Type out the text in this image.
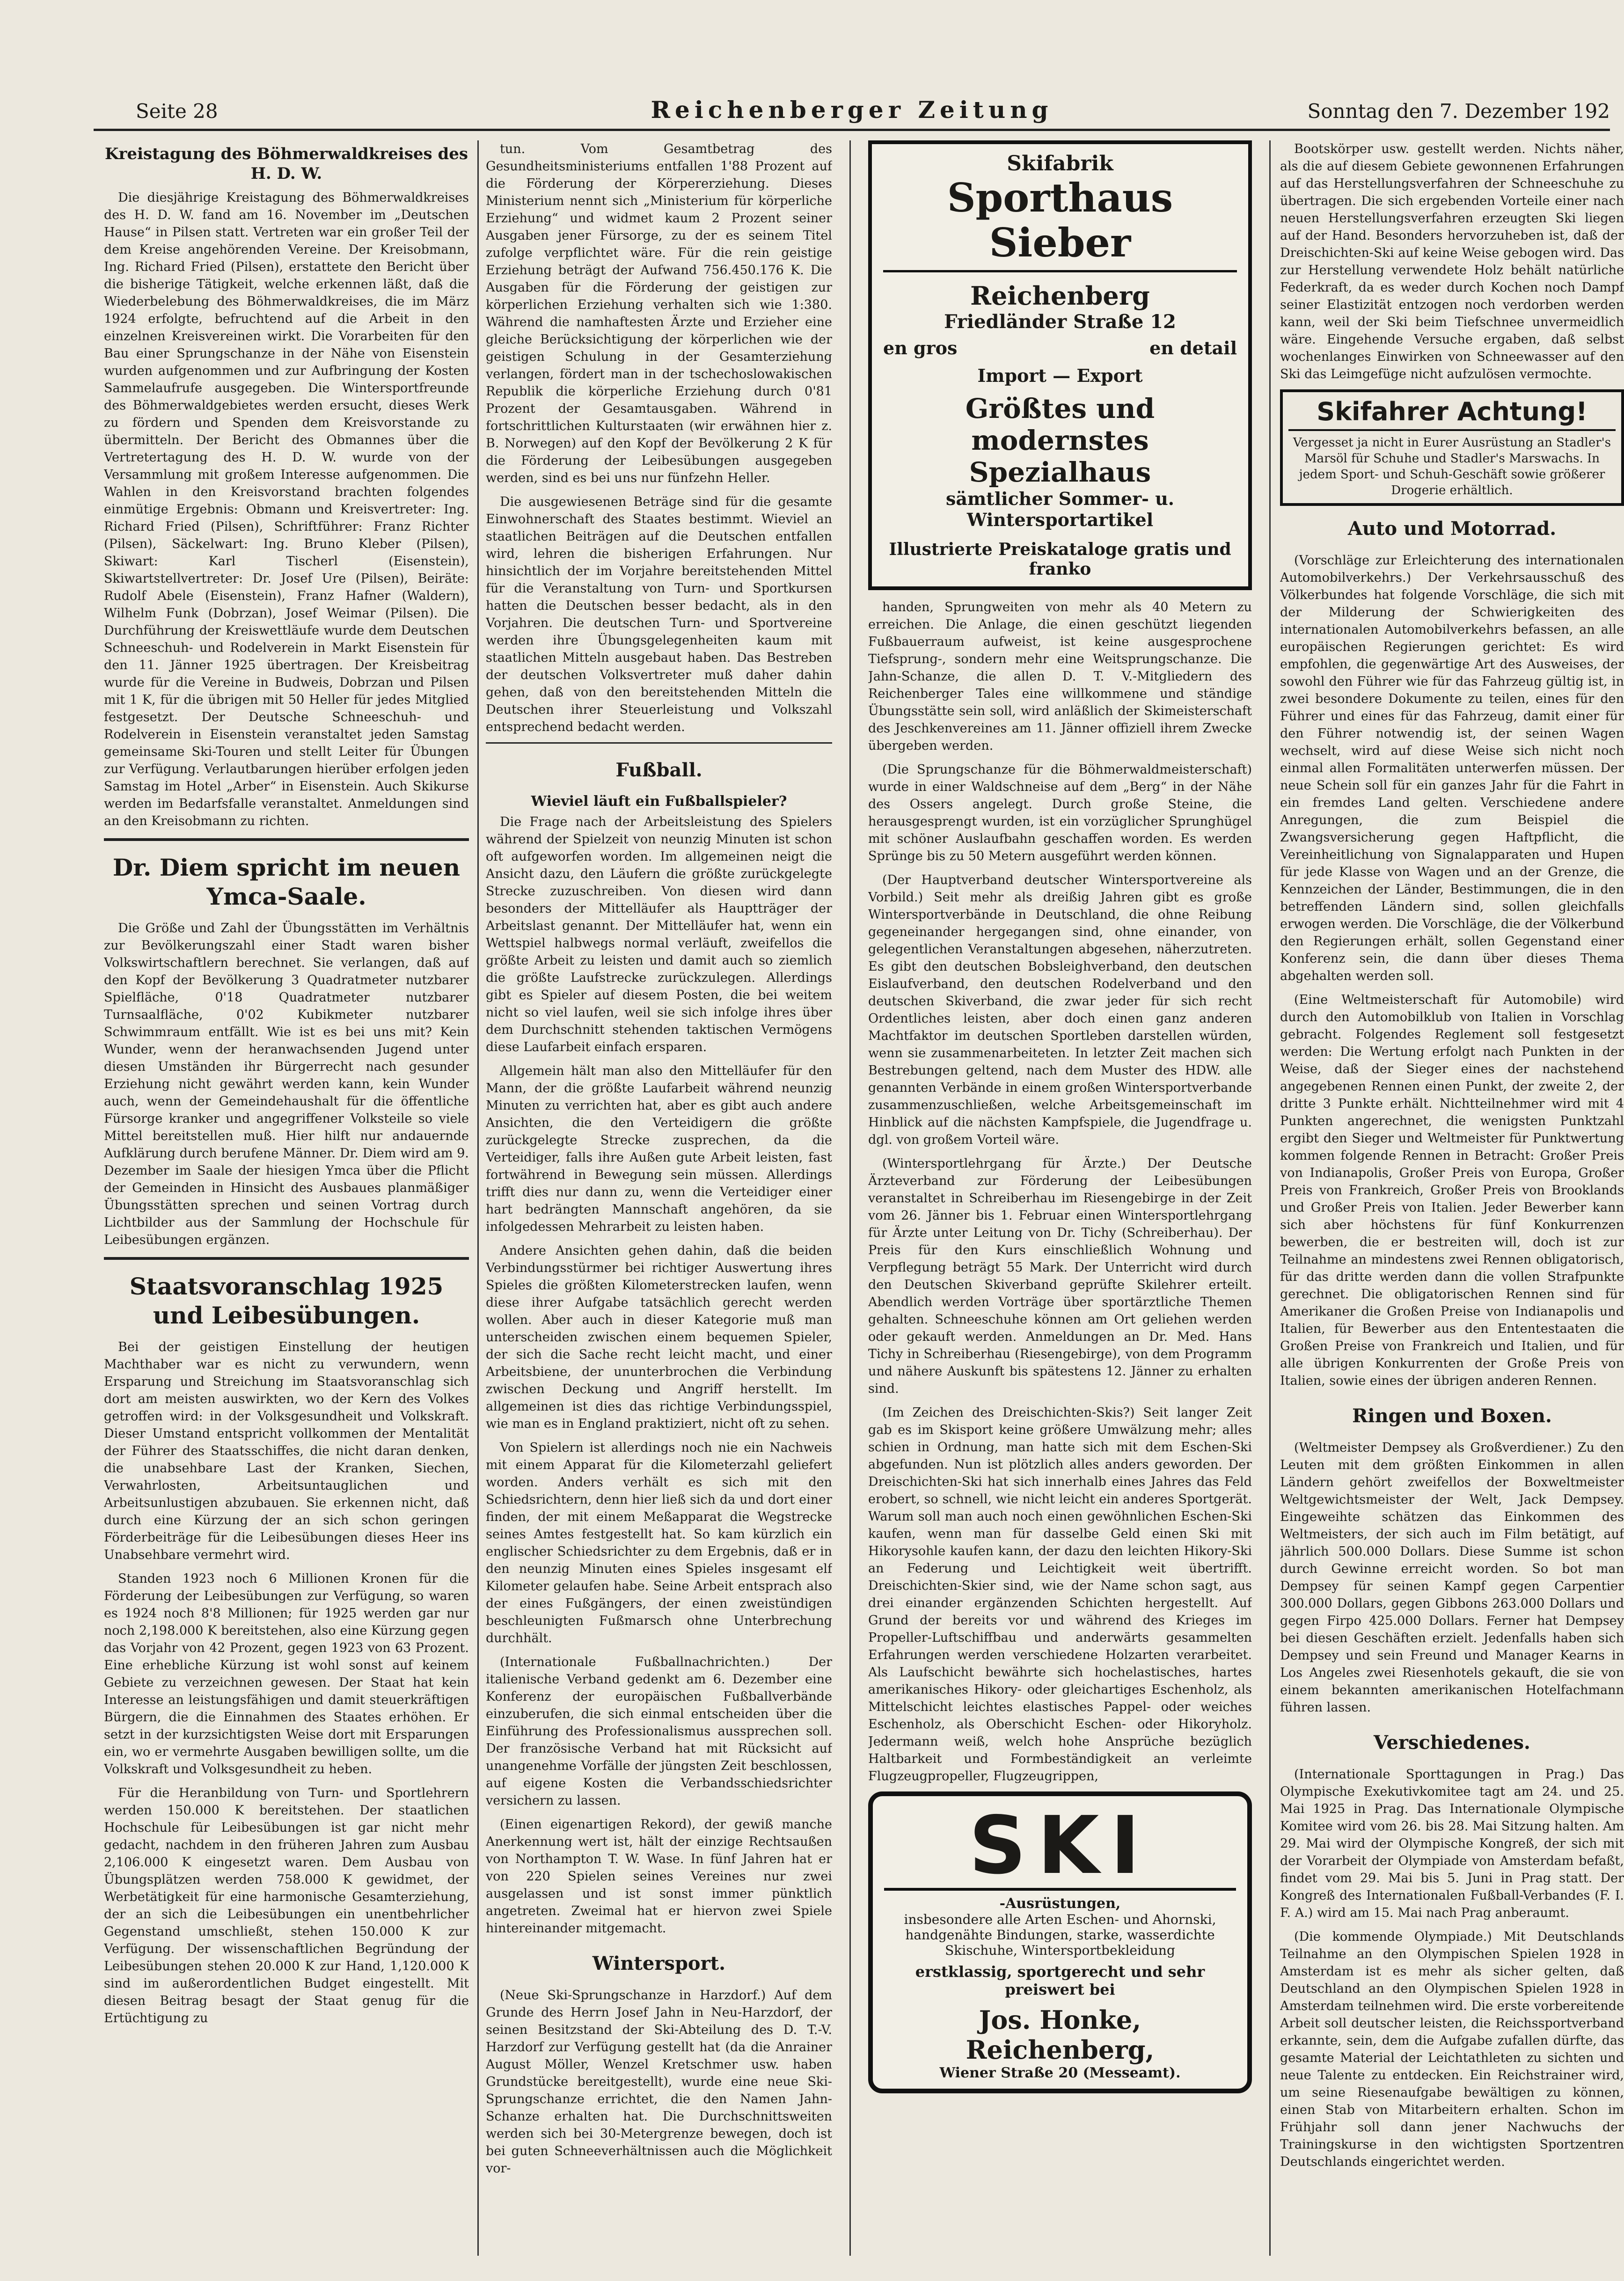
Seite 28	Reichenberger Zeitung	Sonntag den 7. Dezember 192
Kreistagung des Böhmerwaldkreises des H. D. W.

Die diesjährige Kreistagung des Böhmerwaldkreises des H. D. W. fand am 16. November im „Deutschen Hause“ in Pilsen statt. Vertreten war ein großer Teil der dem Kreise angehörenden Vereine. Der Kreisobmann, Ing. Richard Fried (Pilsen), erstattete den Bericht über die bisherige Tätigkeit, welche erkennen läßt, daß die Wiederbelebung des Böhmerwaldkreises, die im März 1924 erfolgte, befruchtend auf die Arbeit in den einzelnen Kreisvereinen wirkt. Die Vorarbeiten für den Bau einer Sprungschanze in der Nähe von Eisenstein wurden aufgenommen und zur Aufbringung der Kosten Sammelaufrufe ausgegeben. Die Wintersportfreunde des Böhmerwaldgebietes werden ersucht, dieses Werk zu fördern und Spenden dem Kreisvorstande zu übermitteln. Der Bericht des Obmannes über die Vertretertagung des H. D. W. wurde von der Versammlung mit großem Interesse aufgenommen. Die Wahlen in den Kreisvorstand brachten folgendes einmütige Ergebnis: Obmann und Kreisvertreter: Ing. Richard Fried (Pilsen), Schriftführer: Franz Richter (Pilsen), Säckelwart: Ing. Bruno Kleber (Pilsen), Skiwart: Karl Tischerl (Eisenstein), Skiwartstellvertreter: Dr. Josef Ure (Pilsen), Beiräte: Rudolf Abele (Eisenstein), Franz Hafner (Waldern), Wilhelm Funk (Dobrzan), Josef Weimar (Pilsen). Die Durchführung der Kreiswettläufe wurde dem Deutschen Schneeschuh- und Rodelverein in Markt Eisenstein für den 11. Jänner 1925 übertragen. Der Kreisbeitrag wurde für die Vereine in Budweis, Dobrzan und Pilsen mit 1 K, für die übrigen mit 50 Heller für jedes Mitglied festgesetzt. Der Deutsche Schneeschuh- und Rodelverein in Eisenstein veranstaltet jeden Samstag gemeinsame Ski-Touren und stellt Leiter für Übungen zur Verfügung. Verlautbarungen hierüber erfolgen jeden Samstag im Hotel „Arber“ in Eisenstein. Auch Skikurse werden im Bedarfsfalle veranstaltet. Anmeldungen sind an den Kreisobmann zu richten.

Dr. Diem spricht im neuen Ymca-Saale.

Die Größe und Zahl der Übungsstätten im Verhältnis zur Bevölkerungszahl einer Stadt waren bisher Volkswirtschaftlern berechnet. Sie verlangen, daß auf den Kopf der Bevölkerung 3 Quadratmeter nutzbarer Spielfläche, 0'18 Quadratmeter nutzbarer Turnsaalfläche, 0'02 Kubikmeter nutzbarer Schwimmraum entfällt. Wie ist es bei uns mit? Kein Wunder, wenn der heranwachsenden Jugend unter diesen Umständen ihr Bürgerrecht nach gesunder Erziehung nicht gewährt werden kann, kein Wunder auch, wenn der Gemeindehaushalt für die öffentliche Fürsorge kranker und angegriffener Volksteile so viele Mittel bereitstellen muß. Hier hilft nur andauernde Aufklärung durch berufene Männer. Dr. Diem wird am 9. Dezember im Saale der hiesigen Ymca über die Pflicht der Gemeinden in Hinsicht des Ausbaues planmäßiger Übungsstätten sprechen und seinen Vortrag durch Lichtbilder aus der Sammlung der Hochschule für Leibesübungen ergänzen.

Staatsvoranschlag 1925 und Leibesübungen.

Bei der geistigen Einstellung der heutigen Machthaber war es nicht zu verwundern, wenn Ersparung und Streichung im Staatsvoranschlag sich dort am meisten auswirkten, wo der Kern des Volkes getroffen wird: in der Volksgesundheit und Volkskraft. Dieser Umstand entspricht vollkommen der Mentalität der Führer des Staatsschiffes, die nicht daran denken, die unabsehbare Last der Kranken, Siechen, Verwahrlosten, Arbeitsuntauglichen und Arbeitsunlustigen abzubauen. Sie erkennen nicht, daß durch eine Kürzung der an sich schon geringen Förderbeiträge für die Leibesübungen dieses Heer ins Unabsehbare vermehrt wird.

Standen 1923 noch 6 Millionen Kronen für die Förderung der Leibesübungen zur Verfügung, so waren es 1924 noch 8'8 Millionen; für 1925 werden gar nur noch 2,198.000 K bereitstehen, also eine Kürzung gegen das Vorjahr von 42 Prozent, gegen 1923 von 63 Prozent. Eine erhebliche Kürzung ist wohl sonst auf keinem Gebiete zu verzeichnen gewesen. Der Staat hat kein Interesse an leistungsfähigen und damit steuerkräftigen Bürgern, die die Einnahmen des Staates erhöhen. Er setzt in der kurzsichtigsten Weise dort mit Ersparungen ein, wo er vermehrte Ausgaben bewilligen sollte, um die Volkskraft und Volksgesundheit zu heben.

Für die Heranbildung von Turn- und Sportlehrern werden 150.000 K bereitstehen. Der staatlichen Hochschule für Leibesübungen ist gar nicht mehr gedacht, nachdem in den früheren Jahren zum Ausbau 2,106.000 K eingesetzt waren. Dem Ausbau von Übungsplätzen werden 758.000 K gewidmet, der Werbetätigkeit für eine harmonische Gesamterziehung, der an sich die Leibesübungen ein unentbehrlicher Gegenstand umschließt, stehen 150.000 K zur Verfügung. Der wissenschaftlichen Begründung der Leibesübungen stehen 20.000 K zur Hand, 1,120.000 K sind im außerordentlichen Budget eingestellt. Mit diesen Beitrag besagt der Staat genug für die Ertüchtigung zu

tun. Vom Gesamtbetrag des Gesundheitsministeriums entfallen 1'88 Prozent auf die Förderung der Körpererziehung. Dieses Ministerium nennt sich „Ministerium für körperliche Erziehung“ und widmet kaum 2 Prozent seiner Ausgaben jener Fürsorge, zu der es seinem Titel zufolge verpflichtet wäre. Für die rein geistige Erziehung beträgt der Aufwand 756.450.176 K. Die Ausgaben für die Förderung der geistigen zur körperlichen Erziehung verhalten sich wie 1:380. Während die namhaftesten Ärzte und Erzieher eine gleiche Berücksichtigung der körperlichen wie der geistigen Schulung in der Gesamterziehung verlangen, fördert man in der tschechoslowakischen Republik die körperliche Erziehung durch 0'81 Prozent der Gesamtausgaben. Während in fortschrittlichen Kulturstaaten (wir erwähnen hier z. B. Norwegen) auf den Kopf der Bevölkerung 2 K für die Förderung der Leibesübungen ausgegeben werden, sind es bei uns nur fünfzehn Heller.

Die ausgewiesenen Beträge sind für die gesamte Einwohnerschaft des Staates bestimmt. Wieviel an staatlichen Beiträgen auf die Deutschen entfallen wird, lehren die bisherigen Erfahrungen. Nur hinsichtlich der im Vorjahre bereitstehenden Mittel für die Veranstaltung von Turn- und Sportkursen hatten die Deutschen besser bedacht, als in den Vorjahren. Die deutschen Turn- und Sportvereine werden ihre Übungsgelegenheiten kaum mit staatlichen Mitteln ausgebaut haben. Das Bestreben der deutschen Volksvertreter muß daher dahin gehen, daß von den bereitstehenden Mitteln die Deutschen ihrer Steuerleistung und Volkszahl entsprechend bedacht werden.

Fußball.
Wieviel läuft ein Fußballspieler?

Die Frage nach der Arbeitsleistung des Spielers während der Spielzeit von neunzig Minuten ist schon oft aufgeworfen worden. Im allgemeinen neigt die Ansicht dazu, den Läufern die größte zurückgelegte Strecke zuzuschreiben. Von diesen wird dann besonders der Mittelläufer als Hauptträger der Arbeitslast genannt. Der Mittelläufer hat, wenn ein Wettspiel halbwegs normal verläuft, zweifellos die größte Arbeit zu leisten und damit auch so ziemlich die größte Laufstrecke zurückzulegen. Allerdings gibt es Spieler auf diesem Posten, die bei weitem nicht so viel laufen, weil sie sich infolge ihres über dem Durchschnitt stehenden taktischen Vermögens diese Laufarbeit einfach ersparen.

Allgemein hält man also den Mittelläufer für den Mann, der die größte Laufarbeit während neunzig Minuten zu verrichten hat, aber es gibt auch andere Ansichten, die den Verteidigern die größte zurückgelegte Strecke zusprechen, da die Verteidiger, falls ihre Außen gute Arbeit leisten, fast fortwährend in Bewegung sein müssen. Allerdings trifft dies nur dann zu, wenn die Verteidiger einer hart bedrängten Mannschaft angehören, da sie infolgedessen Mehrarbeit zu leisten haben.

Andere Ansichten gehen dahin, daß die beiden Verbindungsstürmer bei richtiger Auswertung ihres Spieles die größten Kilometerstrecken laufen, wenn diese ihrer Aufgabe tatsächlich gerecht werden wollen. Aber auch in dieser Kategorie muß man unterscheiden zwischen einem bequemen Spieler, der sich die Sache recht leicht macht, und einer Arbeitsbiene, der ununterbrochen die Verbindung zwischen Deckung und Angriff herstellt. Im allgemeinen ist dies das richtige Verbindungsspiel, wie man es in England praktiziert, nicht oft zu sehen.

Von Spielern ist allerdings noch nie ein Nachweis mit einem Apparat für die Kilometerzahl geliefert worden. Anders verhält es sich mit den Schiedsrichtern, denn hier ließ sich da und dort einer finden, der mit einem Meßapparat die Wegstrecke seines Amtes festgestellt hat. So kam kürzlich ein englischer Schiedsrichter zu dem Ergebnis, daß er in den neunzig Minuten eines Spieles insgesamt elf Kilometer gelaufen habe. Seine Arbeit entsprach also der eines Fußgängers, der einen zweistündigen beschleunigten Fußmarsch ohne Unterbrechung durchhält.

(Internationale Fußballnachrichten.) Der italienische Verband gedenkt am 6. Dezember eine Konferenz der europäischen Fußballverbände einzuberufen, die sich einmal entscheiden über die Einführung des Professionalismus aussprechen soll. Der französische Verband hat mit Rücksicht auf unangenehme Vorfälle der jüngsten Zeit beschlossen, auf eigene Kosten die Verbandsschiedsrichter versichern zu lassen.

(Einen eigenartigen Rekord), der gewiß manche Anerkennung wert ist, hält der einzige Rechtsaußen von Northampton T. W. Wase. In fünf Jahren hat er von 220 Spielen seines Vereines nur zwei ausgelassen und ist sonst immer pünktlich angetreten. Zweimal hat er hiervon zwei Spiele hintereinander mitgemacht.

Wintersport.

(Neue Ski-Sprungschanze in Harzdorf.) Auf dem Grunde des Herrn Josef Jahn in Neu-Harzdorf, der seinen Besitzstand der Ski-Abteilung des D. T.-V. Harzdorf zur Verfügung gestellt hat (da die Anrainer August Möller, Wenzel Kretschmer usw. haben Grundstücke bereitgestellt), wurde eine neue Ski-Sprungschanze errichtet, die den Namen Jahn-Schanze erhalten hat. Die Durchschnittsweiten werden sich bei 30-Metergrenze bewegen, doch ist bei guten Schneeverhältnissen auch die Möglichkeit vor-

Skifabrik
Sporthaus Sieber
Reichenberg
Friedländer Straße 12
en gros	en detail
Import — Export
Größtes und modernstes Spezialhaus
sämtlicher Sommer- u. Wintersportartikel
Illustrierte Preiskataloge gratis und franko

handen, Sprungweiten von mehr als 40 Metern zu erreichen. Die Anlage, die einen geschützt liegenden Fußbauerraum aufweist, ist keine ausgesprochene Tiefsprung-, sondern mehr eine Weitsprungschanze. Die Jahn-Schanze, die allen D. T. V.-Mitgliedern des Reichenberger Tales eine willkommene und ständige Übungsstätte sein soll, wird anläßlich der Skimeisterschaft des Jeschkenvereines am 11. Jänner offiziell ihrem Zwecke übergeben werden.

(Die Sprungschanze für die Böhmerwaldmeisterschaft) wurde in einer Waldschneise auf dem „Berg“ in der Nähe des Ossers angelegt. Durch große Steine, die herausgesprengt wurden, ist ein vorzüglicher Sprunghügel mit schöner Auslaufbahn geschaffen worden. Es werden Sprünge bis zu 50 Metern ausgeführt werden können.

(Der Hauptverband deutscher Wintersportvereine als Vorbild.) Seit mehr als dreißig Jahren gibt es große Wintersportverbände in Deutschland, die ohne Reibung gegeneinander hergegangen sind, ohne einander, von gelegentlichen Veranstaltungen abgesehen, näherzutreten. Es gibt den deutschen Bobsleighverband, den deutschen Eislaufverband, den deutschen Rodelverband und den deutschen Skiverband, die zwar jeder für sich recht Ordentliches leisten, aber doch einen ganz anderen Machtfaktor im deutschen Sportleben darstellen würden, wenn sie zusammenarbeiteten. In letzter Zeit machen sich Bestrebungen geltend, nach dem Muster des HDW. alle genannten Verbände in einem großen Wintersportverbande zusammenzuschließen, welche Arbeitsgemeinschaft im Hinblick auf die nächsten Kampfspiele, die Jugendfrage u. dgl. von großem Vorteil wäre.

(Wintersportlehrgang für Ärzte.) Der Deutsche Ärzteverband zur Förderung der Leibesübungen veranstaltet in Schreiberhau im Riesengebirge in der Zeit vom 26. Jänner bis 1. Februar einen Wintersportlehrgang für Ärzte unter Leitung von Dr. Tichy (Schreiberhau). Der Preis für den Kurs einschließlich Wohnung und Verpflegung beträgt 55 Mark. Der Unterricht wird durch den Deutschen Skiverband geprüfte Skilehrer erteilt. Abendlich werden Vorträge über sportärztliche Themen gehalten. Schneeschuhe können am Ort geliehen werden oder gekauft werden. Anmeldungen an Dr. Med. Hans Tichy in Schreiberhau (Riesengebirge), von dem Programm und nähere Auskunft bis spätestens 12. Jänner zu erhalten sind.

(Im Zeichen des Dreischichten-Skis?) Seit langer Zeit gab es im Skisport keine größere Umwälzung mehr; alles schien in Ordnung, man hatte sich mit dem Eschen-Ski abgefunden. Nun ist plötzlich alles anders geworden. Der Dreischichten-Ski hat sich innerhalb eines Jahres das Feld erobert, so schnell, wie nicht leicht ein anderes Sportgerät. Warum soll man auch noch einen gewöhnlichen Eschen-Ski kaufen, wenn man für dasselbe Geld einen Ski mit Hikorysohle kaufen kann, der dazu den leichten Hikory-Ski an Federung und Leichtigkeit weit übertrifft. Dreischichten-Skier sind, wie der Name schon sagt, aus drei einander ergänzenden Schichten hergestellt. Auf Grund der bereits vor und während des Krieges im Propeller-Luftschiffbau und anderwärts gesammelten Erfahrungen werden verschiedene Holzarten verarbeitet. Als Laufschicht bewährte sich hochelastisches, hartes amerikanisches Hikory- oder gleichartiges Eschenholz, als Mittelschicht leichtes elastisches Pappel- oder weiches Eschenholz, als Oberschicht Eschen- oder Hikoryholz. Jedermann weiß, welch hohe Ansprüche bezüglich Haltbarkeit und Formbeständigkeit an verleimte Flugzeugpropeller, Flugzeugrippen,

SKI
-Ausrüstungen,
insbesondere alle Arten Eschen- und Ahornski, handgenähte Bindungen, starke, wasserdichte Skischuhe, Wintersportbekleidung
erstklassig, sportgerecht und sehr preiswert bei
Jos. Honke, Reichenberg,
Wiener Straße 20 (Messeamt).

Bootskörper usw. gestellt werden. Nichts näher, als die auf diesem Gebiete gewonnenen Erfahrungen auf das Herstellungsverfahren der Schneeschuhe zu übertragen. Die sich ergebenden Vorteile einer nach neuen Herstellungsverfahren erzeugten Ski liegen auf der Hand. Besonders hervorzuheben ist, daß der Dreischichten-Ski auf keine Weise gebogen wird. Das zur Herstellung verwendete Holz behält natürliche Federkraft, da es weder durch Kochen noch Dampf seiner Elastizität entzogen noch verdorben werden kann, weil der Ski beim Tiefschnee unvermeidlich wäre. Eingehende Versuche ergaben, daß selbst wochenlanges Einwirken von Schneewasser auf den Ski das Leimgefüge nicht aufzulösen vermochte.

Skifahrer Achtung!
Vergesset ja nicht in Eurer Ausrüstung an Stadler's Marsöl für Schuhe und Stadler's Marswachs. In jedem Sport- und Schuh-Geschäft sowie größerer Drogerie erhältlich.
Auto und Motorrad.

(Vorschläge zur Erleichterung des internationalen Automobilverkehrs.) Der Verkehrsausschuß des Völkerbundes hat folgende Vorschläge, die sich mit der Milderung der Schwierigkeiten des internationalen Automobilverkehrs befassen, an alle europäischen Regierungen gerichtet: Es wird empfohlen, die gegenwärtige Art des Ausweises, der sowohl den Führer wie für das Fahrzeug gültig ist, in zwei besondere Dokumente zu teilen, eines für den Führer und eines für das Fahrzeug, damit einer für den Führer notwendig ist, der seinen Wagen wechselt, wird auf diese Weise sich nicht noch einmal allen Formalitäten unterwerfen müssen. Der neue Schein soll für ein ganzes Jahr für die Fahrt in ein fremdes Land gelten. Verschiedene andere Anregungen, die zum Beispiel die Zwangsversicherung gegen Haftpflicht, die Vereinheitlichung von Signalapparaten und Hupen für jede Klasse von Wagen und an der Grenze, die Kennzeichen der Länder, Bestimmungen, die in den betreffenden Ländern sind, sollen gleichfalls erwogen werden. Die Vorschläge, die der Völkerbund den Regierungen erhält, sollen Gegenstand einer Konferenz sein, die dann über dieses Thema abgehalten werden soll.

(Eine Weltmeisterschaft für Automobile) wird durch den Automobilklub von Italien in Vorschlag gebracht. Folgendes Reglement soll festgesetzt werden: Die Wertung erfolgt nach Punkten in der Weise, daß der Sieger eines der nachstehend angegebenen Rennen einen Punkt, der zweite 2, der dritte 3 Punkte erhält. Nichtteilnehmer wird mit 4 Punkten angerechnet, die wenigsten Punktzahl ergibt den Sieger und Weltmeister für Punktwertung kommen folgende Rennen in Betracht: Großer Preis von Indianapolis, Großer Preis von Europa, Großer Preis von Frankreich, Großer Preis von Brooklands und Großer Preis von Italien. Jeder Bewerber kann sich aber höchstens für fünf Konkurrenzen bewerben, die er bestreiten will, doch ist zur Teilnahme an mindestens zwei Rennen obligatorisch, für das dritte werden dann die vollen Strafpunkte gerechnet. Die obligatorischen Rennen sind für Amerikaner die Großen Preise von Indianapolis und Italien, für Bewerber aus den Ententestaaten die Großen Preise von Frankreich und Italien, und für alle übrigen Konkurrenten der Große Preis von Italien, sowie eines der übrigen anderen Rennen.

Ringen und Boxen.

(Weltmeister Dempsey als Großverdiener.) Zu den Leuten mit dem größten Einkommen in allen Ländern gehört zweifellos der Boxweltmeister Weltgewichtsmeister der Welt, Jack Dempsey. Eingeweihte schätzen das Einkommen des Weltmeisters, der sich auch im Film betätigt, auf jährlich 500.000 Dollars. Diese Summe ist schon durch Gewinne erreicht worden. So bot man Dempsey für seinen Kampf gegen Carpentier 300.000 Dollars, gegen Gibbons 263.000 Dollars und gegen Firpo 425.000 Dollars. Ferner hat Dempsey bei diesen Geschäften erzielt. Jedenfalls haben sich Dempsey und sein Freund und Manager Kearns in Los Angeles zwei Riesenhotels gekauft, die sie von einem bekannten amerikanischen Hotelfachmann führen lassen.

Verschiedenes.

(Internationale Sporttagungen in Prag.) Das Olympische Exekutivkomitee tagt am 24. und 25. Mai 1925 in Prag. Das Internationale Olympische Komitee wird vom 26. bis 28. Mai Sitzung halten. Am 29. Mai wird der Olympische Kongreß, der sich mit der Vorarbeit der Olympiade von Amsterdam befaßt, findet vom 29. Mai bis 5. Juni in Prag statt. Der Kongreß des Internationalen Fußball-Verbandes (F. I. F. A.) wird am 15. Mai nach Prag anberaumt.

(Die kommende Olympiade.) Mit Deutschlands Teilnahme an den Olympischen Spielen 1928 in Amsterdam ist es mehr als sicher gelten, daß Deutschland an den Olympischen Spielen 1928 in Amsterdam teilnehmen wird. Die erste vorbereitende Arbeit soll deutscher leisten, die Reichssportverband erkannte, sein, dem die Aufgabe zufallen dürfte, das gesamte Material der Leichtathleten zu sichten und neue Talente zu entdecken. Ein Reichstrainer wird, um seine Riesenaufgabe bewältigen zu können, einen Stab von Mitarbeitern erhalten. Schon im Frühjahr soll dann jener Nachwuchs der Trainingskurse in den wichtigsten Sportzentren Deutschlands eingerichtet werden.
